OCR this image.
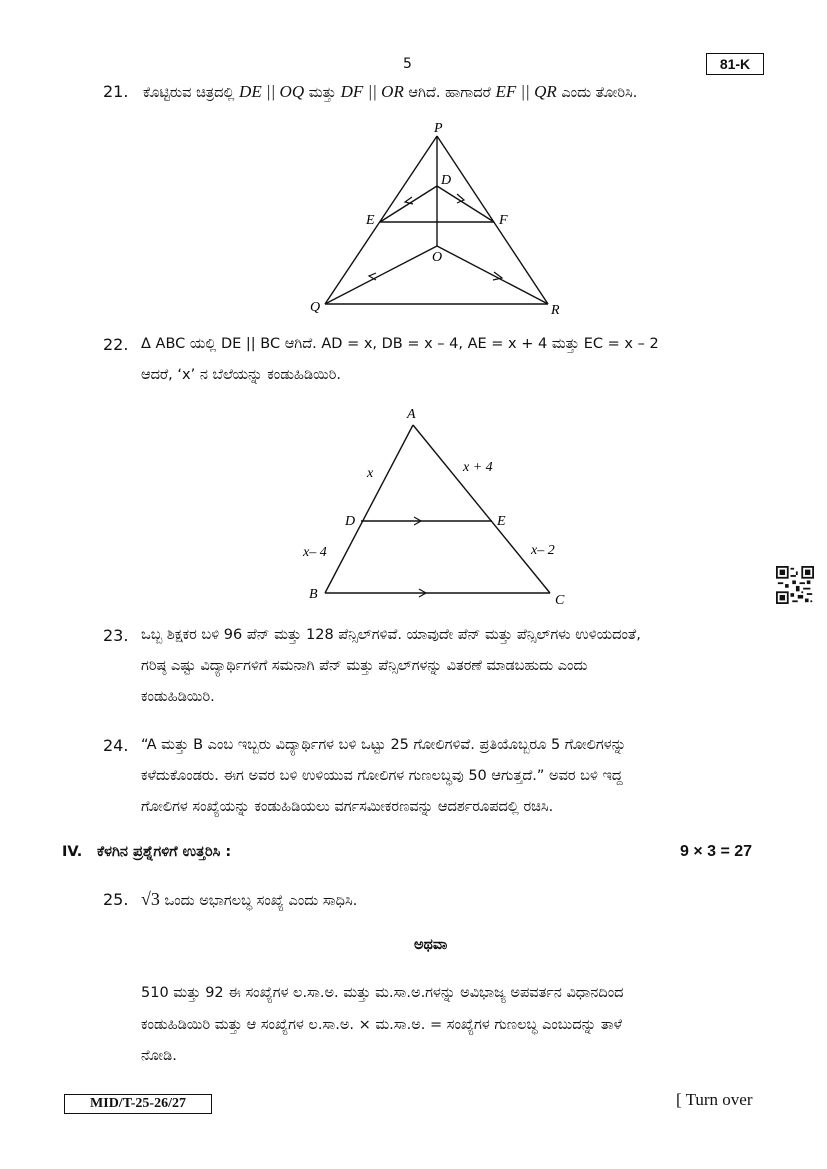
5	81-K
21. ಕೊಟ್ಟಿರುವ ಚಿತ್ರದಲ್ಲಿ DE || OQ ಮತ್ತು DF || OR ಆಗಿದೆ. ಹಾಗಾದರೆ EF || QR ಎಂದು ತೋರಿಸಿ.
P
D
E	F
O
Q	R
22. Δ ABC ಯಲ್ಲಿ DE || BC ಆಗಿದೆ. AD = x, DB = x – 4, AE = x + 4 ಮತ್ತು EC = x – 2
ಆದರೆ, ‘x’ ನ ಬೆಲೆಯನ್ನು ಕಂಡುಹಿಡಿಯಿರಿ.
A
D	E
B	C
x	x + 4
x– 4	x– 2
23. ಒಬ್ಬ ಶಿಕ್ಷಕರ ಬಳಿ 96 ಪೆನ್ ಮತ್ತು 128 ಪೆನ್ಸಿಲ್‌ಗಳಿವೆ. ಯಾವುದೇ ಪೆನ್ ಮತ್ತು ಪೆನ್ಸಿಲ್‌ಗಳು ಉಳಿಯದಂತೆ,
ಗರಿಷ್ಠ ಎಷ್ಟು ವಿದ್ಯಾರ್ಥಿಗಳಿಗೆ ಸಮನಾಗಿ ಪೆನ್ ಮತ್ತು ಪೆನ್ಸಿಲ್‌ಗಳನ್ನು ವಿತರಣೆ ಮಾಡಬಹುದು ಎಂದು
ಕಂಡುಹಿಡಿಯಿರಿ.
24. “A ಮತ್ತು B ಎಂಬ ಇಬ್ಬರು ವಿದ್ಯಾರ್ಥಿಗಳ ಬಳಿ ಒಟ್ಟು 25 ಗೋಲಿಗಳಿವೆ. ಪ್ರತಿಯೊಬ್ಬರೂ 5 ಗೋಲಿಗಳನ್ನು
ಕಳೆದುಕೊಂಡರು. ಈಗ ಅವರ ಬಳಿ ಉಳಿಯುವ ಗೋಲಿಗಳ ಗುಣಲಬ್ಧವು 50 ಆಗುತ್ತದೆ.” ಅವರ ಬಳಿ ಇದ್ದ
ಗೋಲಿಗಳ ಸಂಖ್ಯೆಯನ್ನು ಕಂಡುಹಿಡಿಯಲು ವರ್ಗಸಮೀಕರಣವನ್ನು ಆದರ್ಶರೂಪದಲ್ಲಿ ರಚಿಸಿ.
IV. ಕೆಳಗಿನ ಪ್ರಶ್ನೆಗಳಿಗೆ ಉತ್ತರಿಸಿ :	9 × 3 = 27
25. √3 ಒಂದು ಅಭಾಗಲಬ್ಧ ಸಂಖ್ಯೆ ಎಂದು ಸಾಧಿಸಿ.
ಅಥವಾ
510 ಮತ್ತು 92 ಈ ಸಂಖ್ಯೆಗಳ ಲ.ಸಾ.ಅ. ಮತ್ತು ಮ.ಸಾ.ಅ.ಗಳನ್ನು ಅವಿಭಾಜ್ಯ ಅಪವರ್ತನ ವಿಧಾನದಿಂದ
ಕಂಡುಹಿಡಿಯಿರಿ ಮತ್ತು ಆ ಸಂಖ್ಯೆಗಳ ಲ.ಸಾ.ಅ. × ಮ.ಸಾ.ಅ. = ಸಂಖ್ಯೆಗಳ ಗುಣಲಬ್ಧ ಎಂಬುದನ್ನು ತಾಳೆ
ನೋಡಿ.
MID/T-25-26/27	[ Turn over
